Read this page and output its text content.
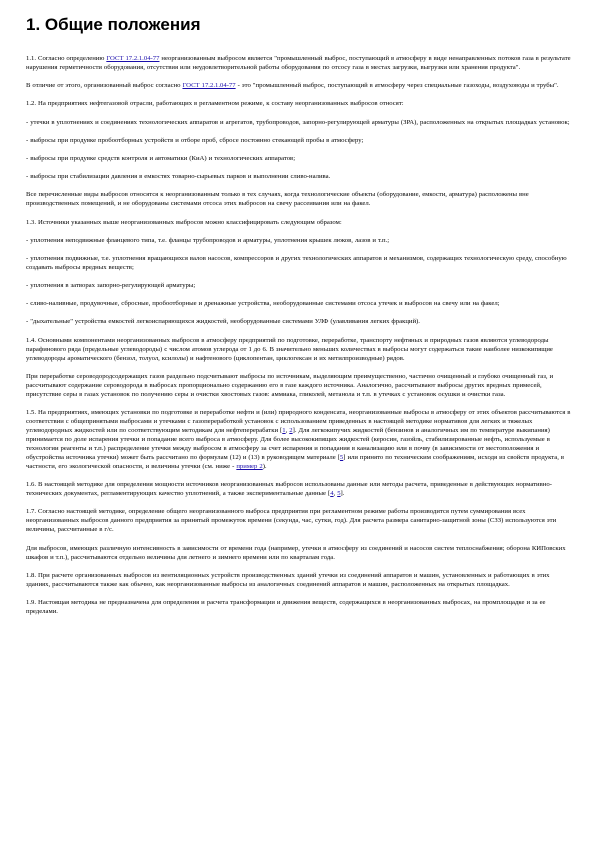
1. Общие положения

1.1. Согласно определению ГОСТ 17.2.1.04-77 неорганизованным выбросом является "промышленный выброс, поступающий в атмосферу в виде ненаправленных потоков газа в результате нарушения герметичности оборудования, отсутствия или неудовлетворительной работы оборудования по отсосу газа в местах загрузки, выгрузки или хранения продукта".

В отличие от этого, организованный выброс согласно ГОСТ 17.2.1.04-77 - это "промышленный выброс, поступающий в атмосферу через специальные газоходы, воздуховоды и трубы".

1.2. На предприятиях нефтегазовой отрасли, работающих в регламентном режиме, к составу неорганизованных выбросов относят:

- утечки в уплотнениях и соединениях технологических аппаратов и агрегатов, трубопроводов, запорно-регулирующей арматуры (ЗРА), расположенных на открытых площадках установок;

- выбросы при продувке пробоотборных устройств и отборе проб, сбросе постоянно стекающей пробы в атмосферу;

- выбросы при продувке средств контроля и автоматики (КиА) и технологических аппаратов;

- выбросы при стабилизации давления в емкостях товарно-сырьевых парков и выполнении сливо-налива.

Все перечисленные виды выбросов относятся к неорганизованным только в тех случаях, когда технологические объекты (оборудование, емкости, арматура) расположены вне производственных помещений, и не оборудованы системами отсоса этих выбросов на свечу рассеивания или на факел.

1.3. Источники указанных выше неорганизованных выбросов можно классифицировать следующим образом:

- уплотнения неподвижные фланцевого типа, т.е. фланцы трубопроводов и арматуры, уплотнения крышек люков, лазов и т.п.;

- уплотнения подвижные, т.е. уплотнения вращающихся валов насосов, компрессоров и других технологических аппаратов и механизмов, содержащих технологическую среду, способную создавать выбросы вредных веществ;

- уплотнения в затворах запорно-регулирующей арматуры;

- сливо-наливные, продувочные, сбросные, пробоотборные и дренажные устройства, необорудованные системами отсоса утечек и выбросов на свечу или на факел;

- "дыхательные" устройства емкостей легкоиспаряющихся жидкостей, необорудованные системами УЛФ (улавливания легких фракций).

1.4. Основными компонентами неорганизованных выбросов в атмосферу предприятий по подготовке, переработке, транспорту нефтяных и природных газов являются углеводороды парафинового ряда (предельные углеводороды) с числом атомов углерода от 1 до 6. В значительно меньших количествах в выбросы могут содержаться такие наиболее низкокипящие углеводороды ароматического (бензол, толуол, ксилолы) и нафтенового (циклопентан, циклогексан и их метилпроизводные) рядов.

При переработке сероводородсодержащих газов раздельно подсчитывают выбросы по источникам, выделяющим преимущественно, частично очищенный и глубоко очищенный газ, и рассчитывают содержание сероводорода в выбросах пропорционально содержанию его в газе каждого источника. Аналогично, рассчитывают выбросы других вредных примесей, присутствие серы в газах установок по получению серы и очистки хвостовых газов: аммиака, гликолей, метанола и т.п. в утечках с установок осушки и очистки газа.

1.5. На предприятиях, имеющих установки по подготовке и переработке нефти и (или) природного конденсата, неорганизованные выбросы в атмосферу от этих объектов рассчитываются в соответствии с общепринятыми выбросами и утечками с газопереработкой установок с использованием приведенных в настоящей методике нормативов для легких и тяжелых углеводородных жидкостей или по соответствующим методикам для нефтеперерабатки [1, 2]. Для легкокипучих жидкостей (бензинов и аналогичных им по температуре выкипания) принимается по доле испарения утечки и попадание всего выброса в атмосферу. Для более высококипящих жидкостей (керосин, газойль, стабилизированные нефть, используемые в технологии реагенты и т.п.) распределение утечки между выбросом в атмосферу за счет испарения и попадания в канализацию или в почву (в зависимости от местоположения и обустройства источника утечки) может быть рассчитано по формулам (12) и (13) в руководящем материале [5] или принято по техническим соображениям, исходя из свойств продукта, в частности, его экологической опасности, и величины утечки (см. ниже - пример 2).

1.6. В настоящей методике для определения мощности источников неорганизованных выбросов использованы данные или методы расчета, приведенные в действующих нормативно-технических документах, регламентирующих качество уплотнений, а также экспериментальные данные [4, 5].

1.7. Согласно настоящей методике, определение общего неорганизованного выброса предприятия при регламентном режиме работы производится путем суммирования всех неорганизованных выбросов данного предприятия за принятый промежуток времени (секунда, час, сутки, год). Для расчета размера санитарно-защитной зоны (СЗЗ) используются эти величины, рассчитанные в г/с.

Для выбросов, имеющих различную интенсивность в зависимости от времени года (например, утечки в атмосферу из соединений и насосов систем теплоснабжения; оборона КИПовских шкафов и т.п.), рассчитываются отдельно величины для летнего и зимнего времени или по кварталам года.

1.8. При расчете организованных выбросов из вентиляционных устройств производственных зданий утечки из соединений аппаратов и машин, установленных и работающих в этих зданиях, рассчитываются также как обычно, как неорганизованные выбросы из аналогичных соединений аппаратов и машин, расположенных на открытых площадках.

1.9. Настоящая методика не предназначена для определения и расчета трансформации и движения веществ, содержащихся в неорганизованных выбросах, на промплощадке и за ее пределами.
